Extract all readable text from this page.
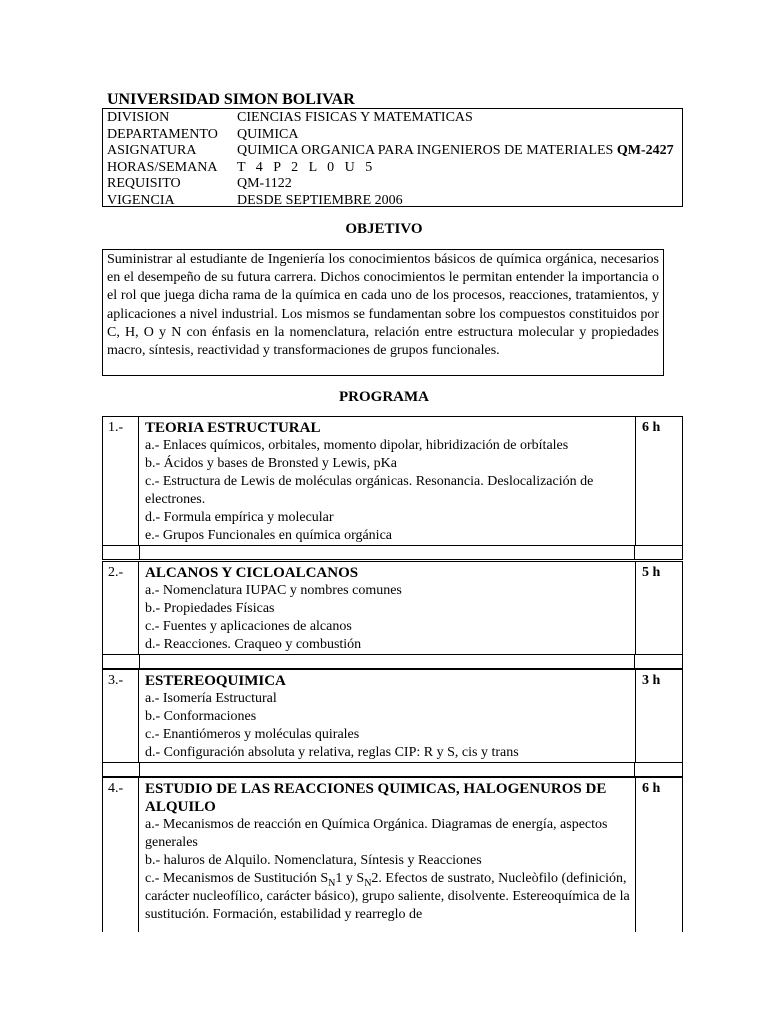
UNIVERSIDAD SIMON BOLIVAR
DIVISION	CIENCIAS FISICAS Y MATEMATICAS
DEPARTAMENTO QUIMICA
ASIGNATURA	QUIMICA ORGANICA PARA INGENIEROS DE MATERIALES QM-2427
HORAS/SEMANA T   4   P   2   L   0   U   5
REQUISITO	QM-1122
VIGENCIA	DESDE SEPTIEMBRE 2006
OBJETIVO
Suministrar al estudiante de Ingeniería los conocimientos básicos de química orgánica, necesarios en el desempeño de su futura carrera. Dichos conocimientos le permitan entender la importancia o el rol que juega dicha rama de la química en cada uno de los procesos, reacciones, tratamientos, y aplicaciones a nivel industrial. Los mismos se fundamentan sobre los compuestos constituidos por C, H, O y N con énfasis en la nomenclatura, relación entre estructura molecular y propiedades macro, síntesis, reactividad y transformaciones de grupos funcionales.
PROGRAMA
1.-	TEORIA ESTRUCTURAL
a.- Enlaces químicos, orbitales, momento dipolar, hibridización de orbítales
b.- Ácidos y bases de Bronsted y Lewis, pKa
c.- Estructura de Lewis de moléculas orgánicas. Resonancia. Deslocalización de electrones.
d.- Formula empírica y molecular
e.- Grupos Funcionales en química orgánica
6 h
2.-	ALCANOS Y CICLOALCANOS
a.- Nomenclatura IUPAC y nombres comunes
b.- Propiedades Físicas
c.- Fuentes y aplicaciones de alcanos
d.- Reacciones. Craqueo y combustión
5 h
3.-	ESTEREOQUIMICA
a.- Isomería Estructural
b.- Conformaciones
c.- Enantiómeros y moléculas quirales
d.- Configuración absoluta y relativa, reglas CIP: R y S, cis y trans
3 h
4.-	ESTUDIO DE LAS REACCIONES QUIMICAS, HALOGENUROS DE ALQUILO
a.- Mecanismos de reacción en Química Orgánica. Diagramas de energía, aspectos generales
b.- haluros de Alquilo. Nomenclatura, Síntesis y Reacciones
c.- Mecanismos de Sustitución $S_N1$ y $S_N2$. Efectos de sustrato, Nucleòfilo (definición, carácter nucleofílico, carácter básico), grupo saliente, disolvente. Estereoquímica de la sustitución. Formación, estabilidad y rearreglo de
6 h
